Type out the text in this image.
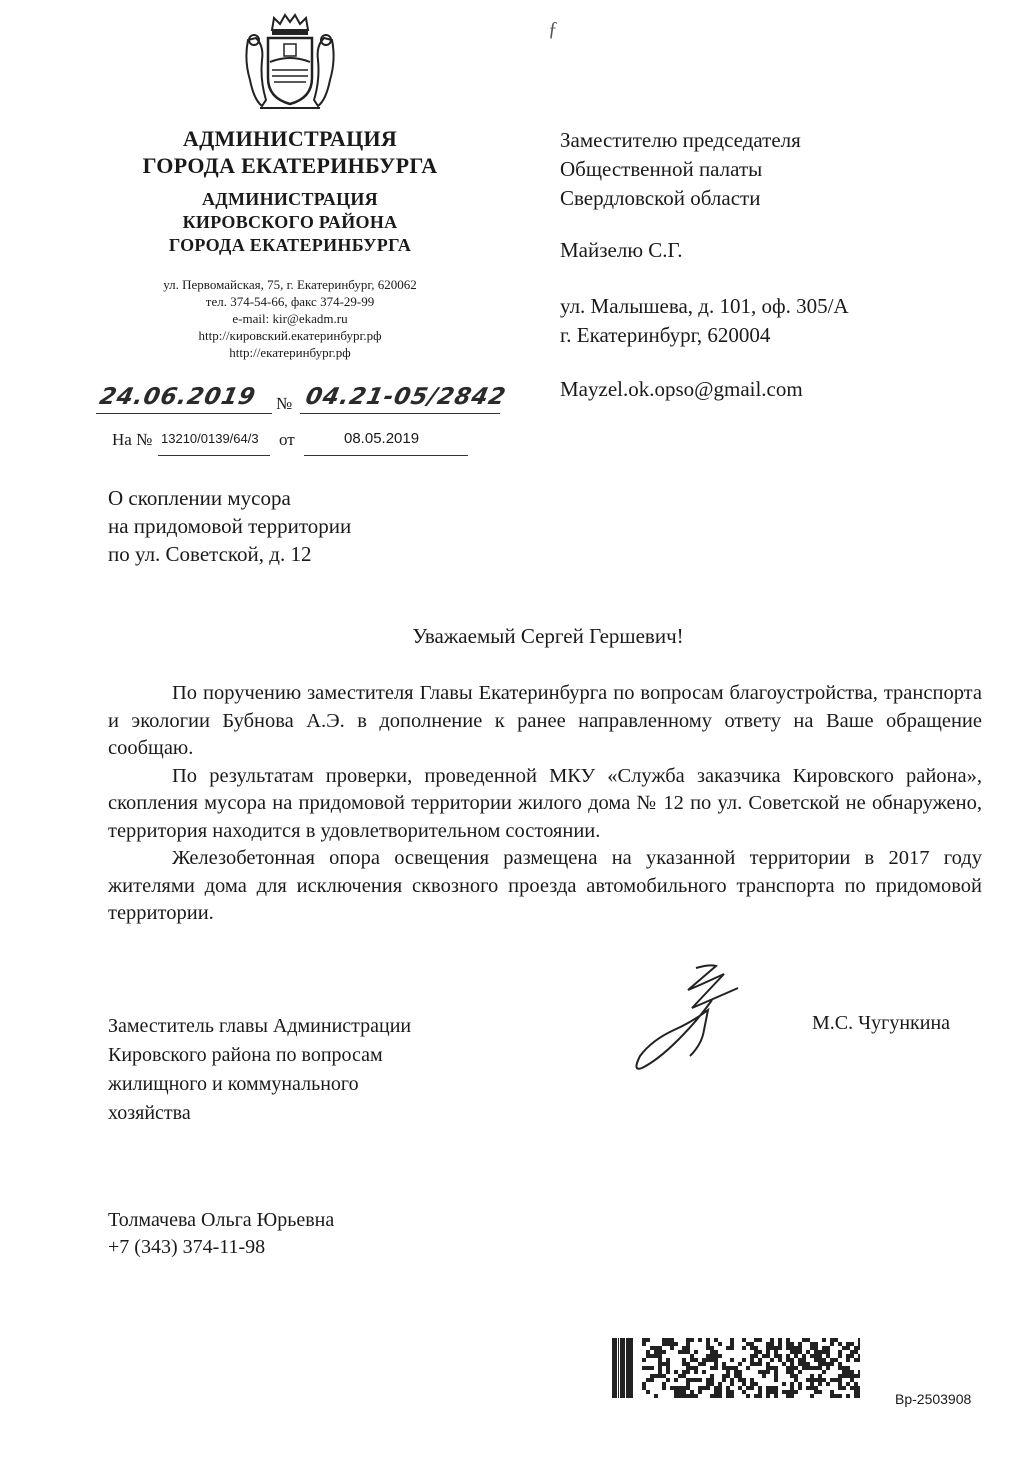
ƒ
АДМИНИСТРАЦИЯ
ГОРОДА ЕКАТЕРИНБУРГА
АДМИНИСТРАЦИЯ
КИРОВСКОГО РАЙОНА
ГОРОДА ЕКАТЕРИНБУРГА
ул. Первомайская, 75, г. Екатеринбург, 620062
тел. 374-54-66, факс 374-29-99
e-mail: kir@ekadm.ru
http://кировский.екатеринбург.рф
http://екатеринбург.рф
Заместителю председателя
Общественной палаты
Свердловской области
Майзелю С.Г.
ул. Малышева, д. 101, оф. 305/А
г. Екатеринбург, 620004
Mayzel.ok.opso@gmail.com
24.06.2019 № 04.21-05/2842
На № 13210/0139/64/3 от	08.05.2019
О скоплении мусора
на придомовой территории
по ул. Советской, д. 12
Уважаемый Сергей Гершевич!

По поручению заместителя Главы Екатеринбурга по вопросам благоустройства, транспорта и экологии Бубнова А.Э. в дополнение к ранее направленному ответу на Ваше обращение сообщаю.

По результатам проверки, проведенной МКУ «Служба заказчика Кировского района», скопления мусора на придомовой территории жилого дома № 12 по ул. Советской не обнаружено, территория находится в удовлетворительном состоянии.

Железобетонная опора освещения размещена на указанной территории в 2017 году жителями дома для исключения сквозного проезда автомобильного транспорта по придомовой территории.

Заместитель главы Администрации
Кировского района по вопросам
жилищного и коммунального
хозяйства
М.С. Чугункина
Толмачева Ольга Юрьевна
+7 (343) 374-11-98
Вр-2503908
